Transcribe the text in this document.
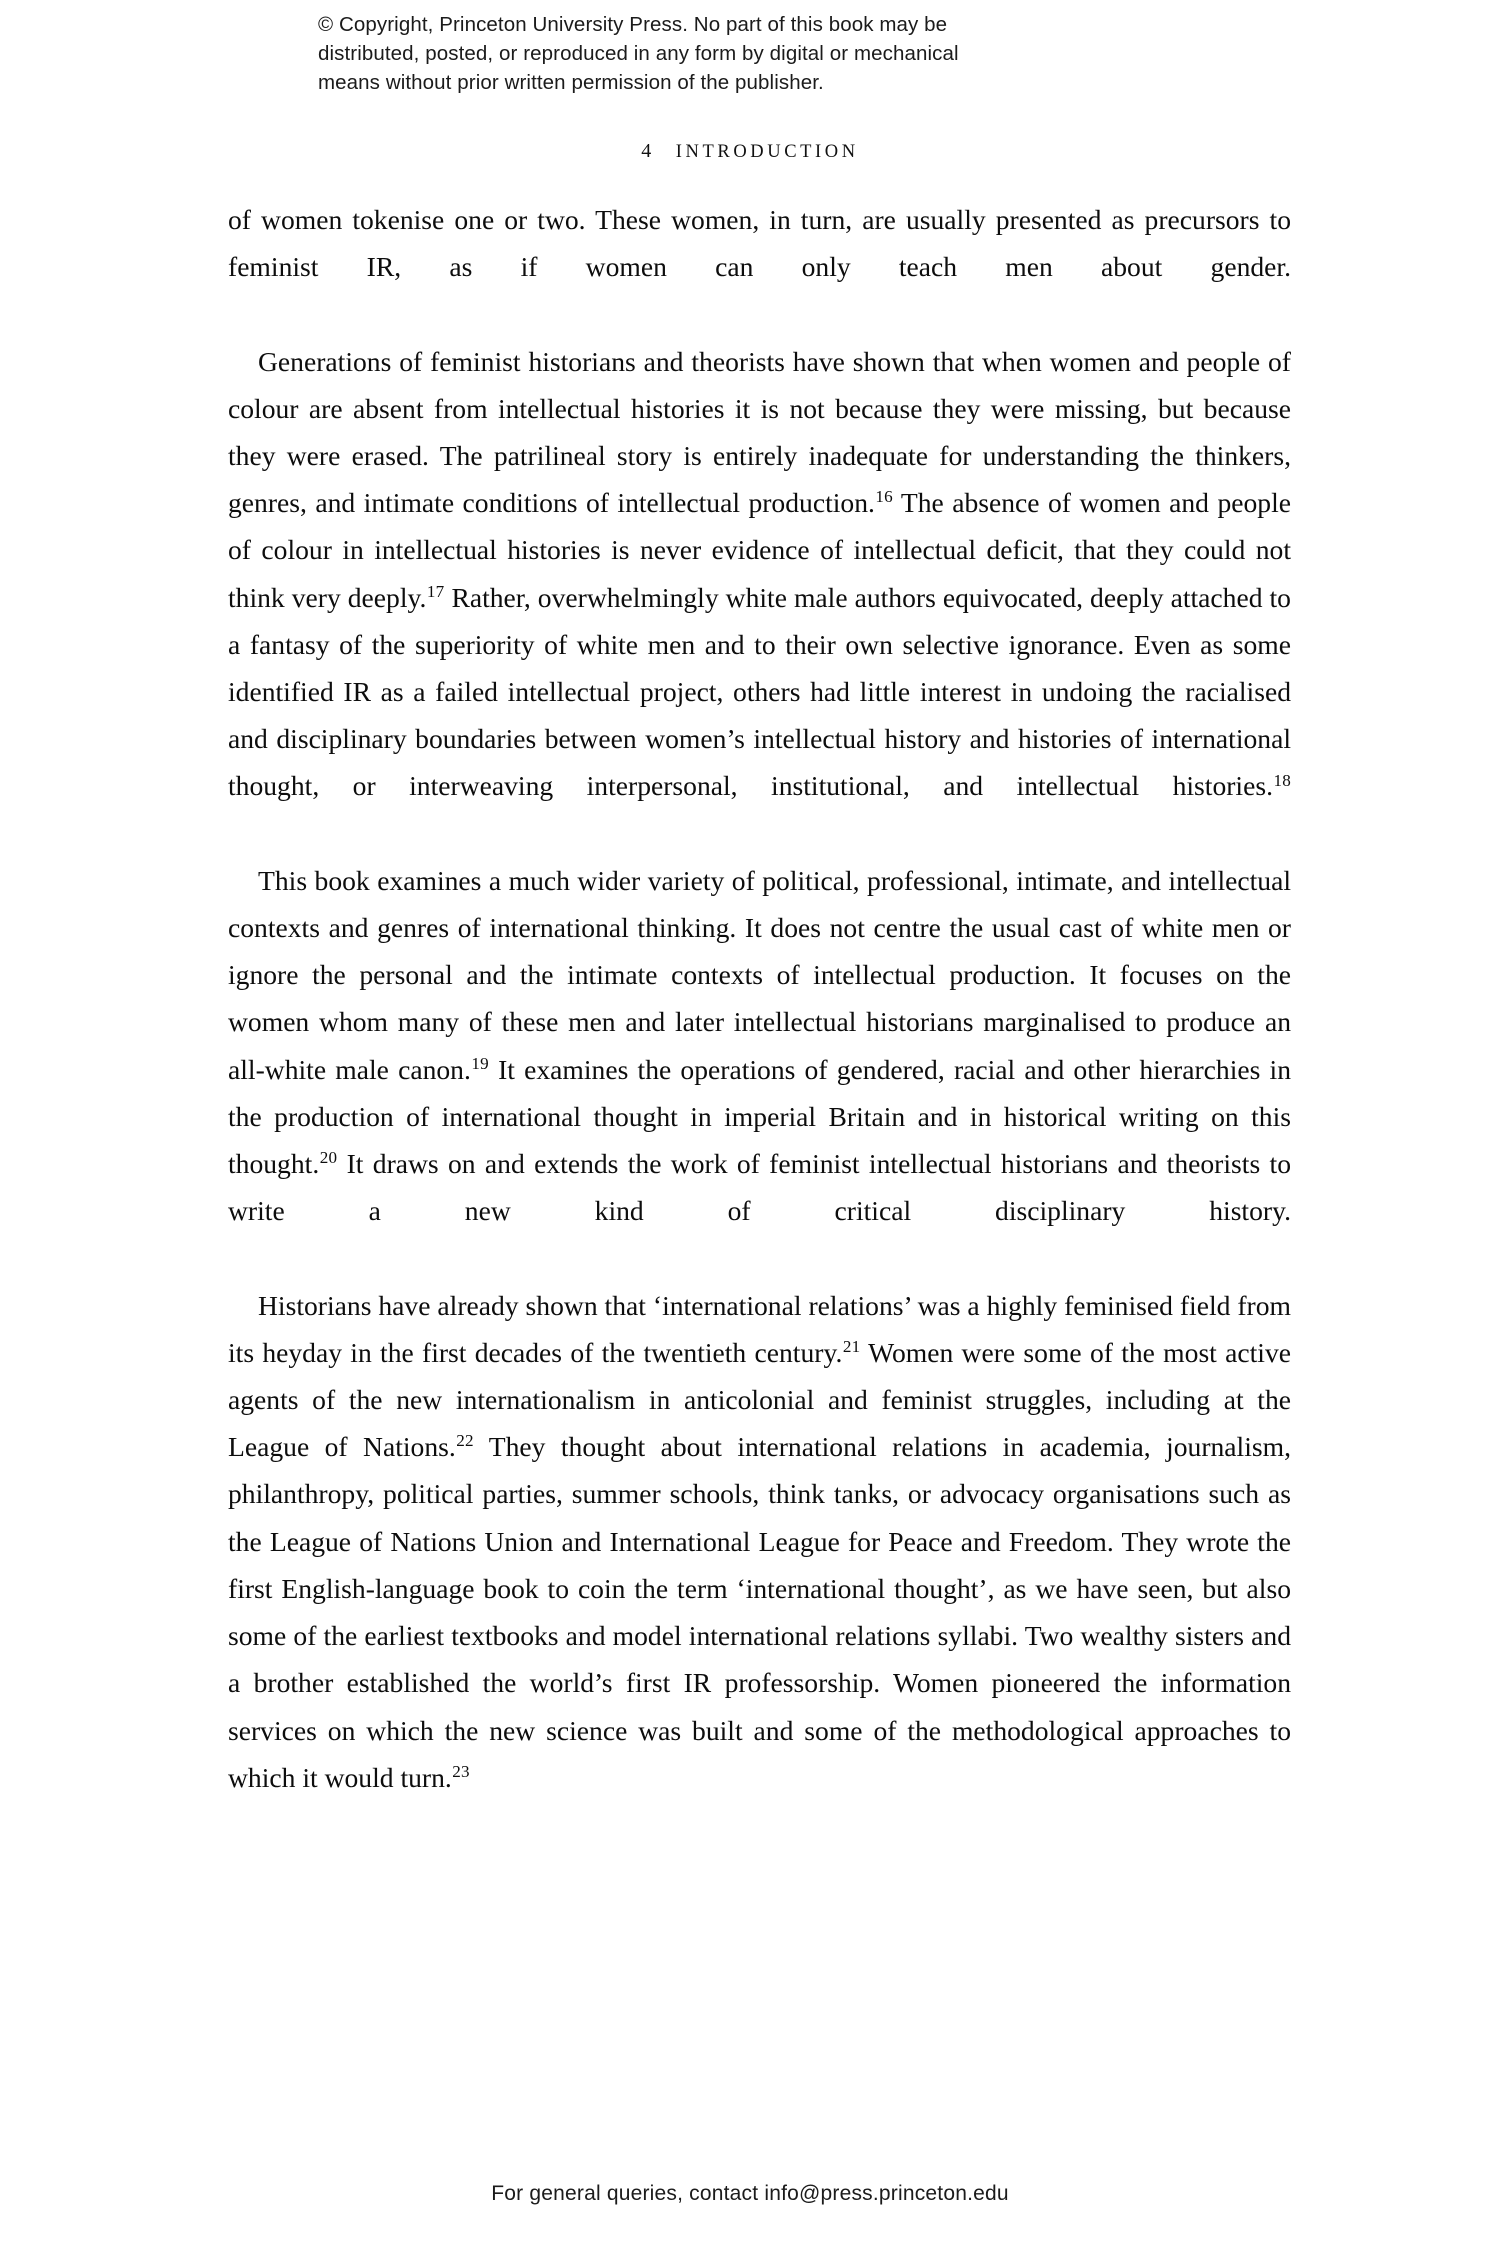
© Copyright, Princeton University Press. No part of this book may be
distributed, posted, or reproduced in any form by digital or mechanical
means without prior written permission of the publisher.
4 INTRODUCTION

of women tokenise one or two. These women, in turn, are usually presented as precursors to feminist IR, as if women can only teach men about gender.

Generations of feminist historians and theorists have shown that when women and people of colour are absent from intellectual histories it is not because they were missing, but because they were erased. The patrilineal story is entirely inadequate for understanding the thinkers, genres, and intimate conditions of intellectual production.$^{16}$ The absence of women and people of colour in intellectual histories is never evidence of intellectual deficit, that they could not think very deeply.$^{17}$ Rather, overwhelmingly white male authors equivocated, deeply attached to a fantasy of the superiority of white men and to their own selective ignorance. Even as some identified IR as a failed intellectual project, others had little interest in undoing the racialised and disciplinary boundaries between women’s intellectual history and histories of international thought, or interweaving interpersonal, institutional, and intellectual histories.$^{18}$

This book examines a much wider variety of political, professional, intimate, and intellectual contexts and genres of international thinking. It does not centre the usual cast of white men or ignore the personal and the intimate contexts of intellectual production. It focuses on the women whom many of these men and later intellectual historians marginalised to produce an all-white male canon.$^{19}$ It examines the operations of gendered, racial and other hierarchies in the production of international thought in imperial Britain and in historical writing on this thought.$^{20}$ It draws on and extends the work of feminist intellectual historians and theorists to write a new kind of critical disciplinary history.

Historians have already shown that ‘international relations’ was a highly feminised field from its heyday in the first decades of the twentieth century.$^{21}$ Women were some of the most active agents of the new internationalism in anticolonial and feminist struggles, including at the League of Nations.$^{22}$ They thought about international relations in academia, journalism, philanthropy, political parties, summer schools, think tanks, or advocacy organisations such as the League of Nations Union and International League for Peace and Freedom. They wrote the first English-language book to coin the term ‘international thought’, as we have seen, but also some of the earliest textbooks and model international relations syllabi. Two wealthy sisters and a brother established the world’s first IR professorship. Women pioneered the information services on which the new science was built and some of the methodological approaches to which it would turn.$^{23}$

For general queries, contact info@press.princeton.edu
